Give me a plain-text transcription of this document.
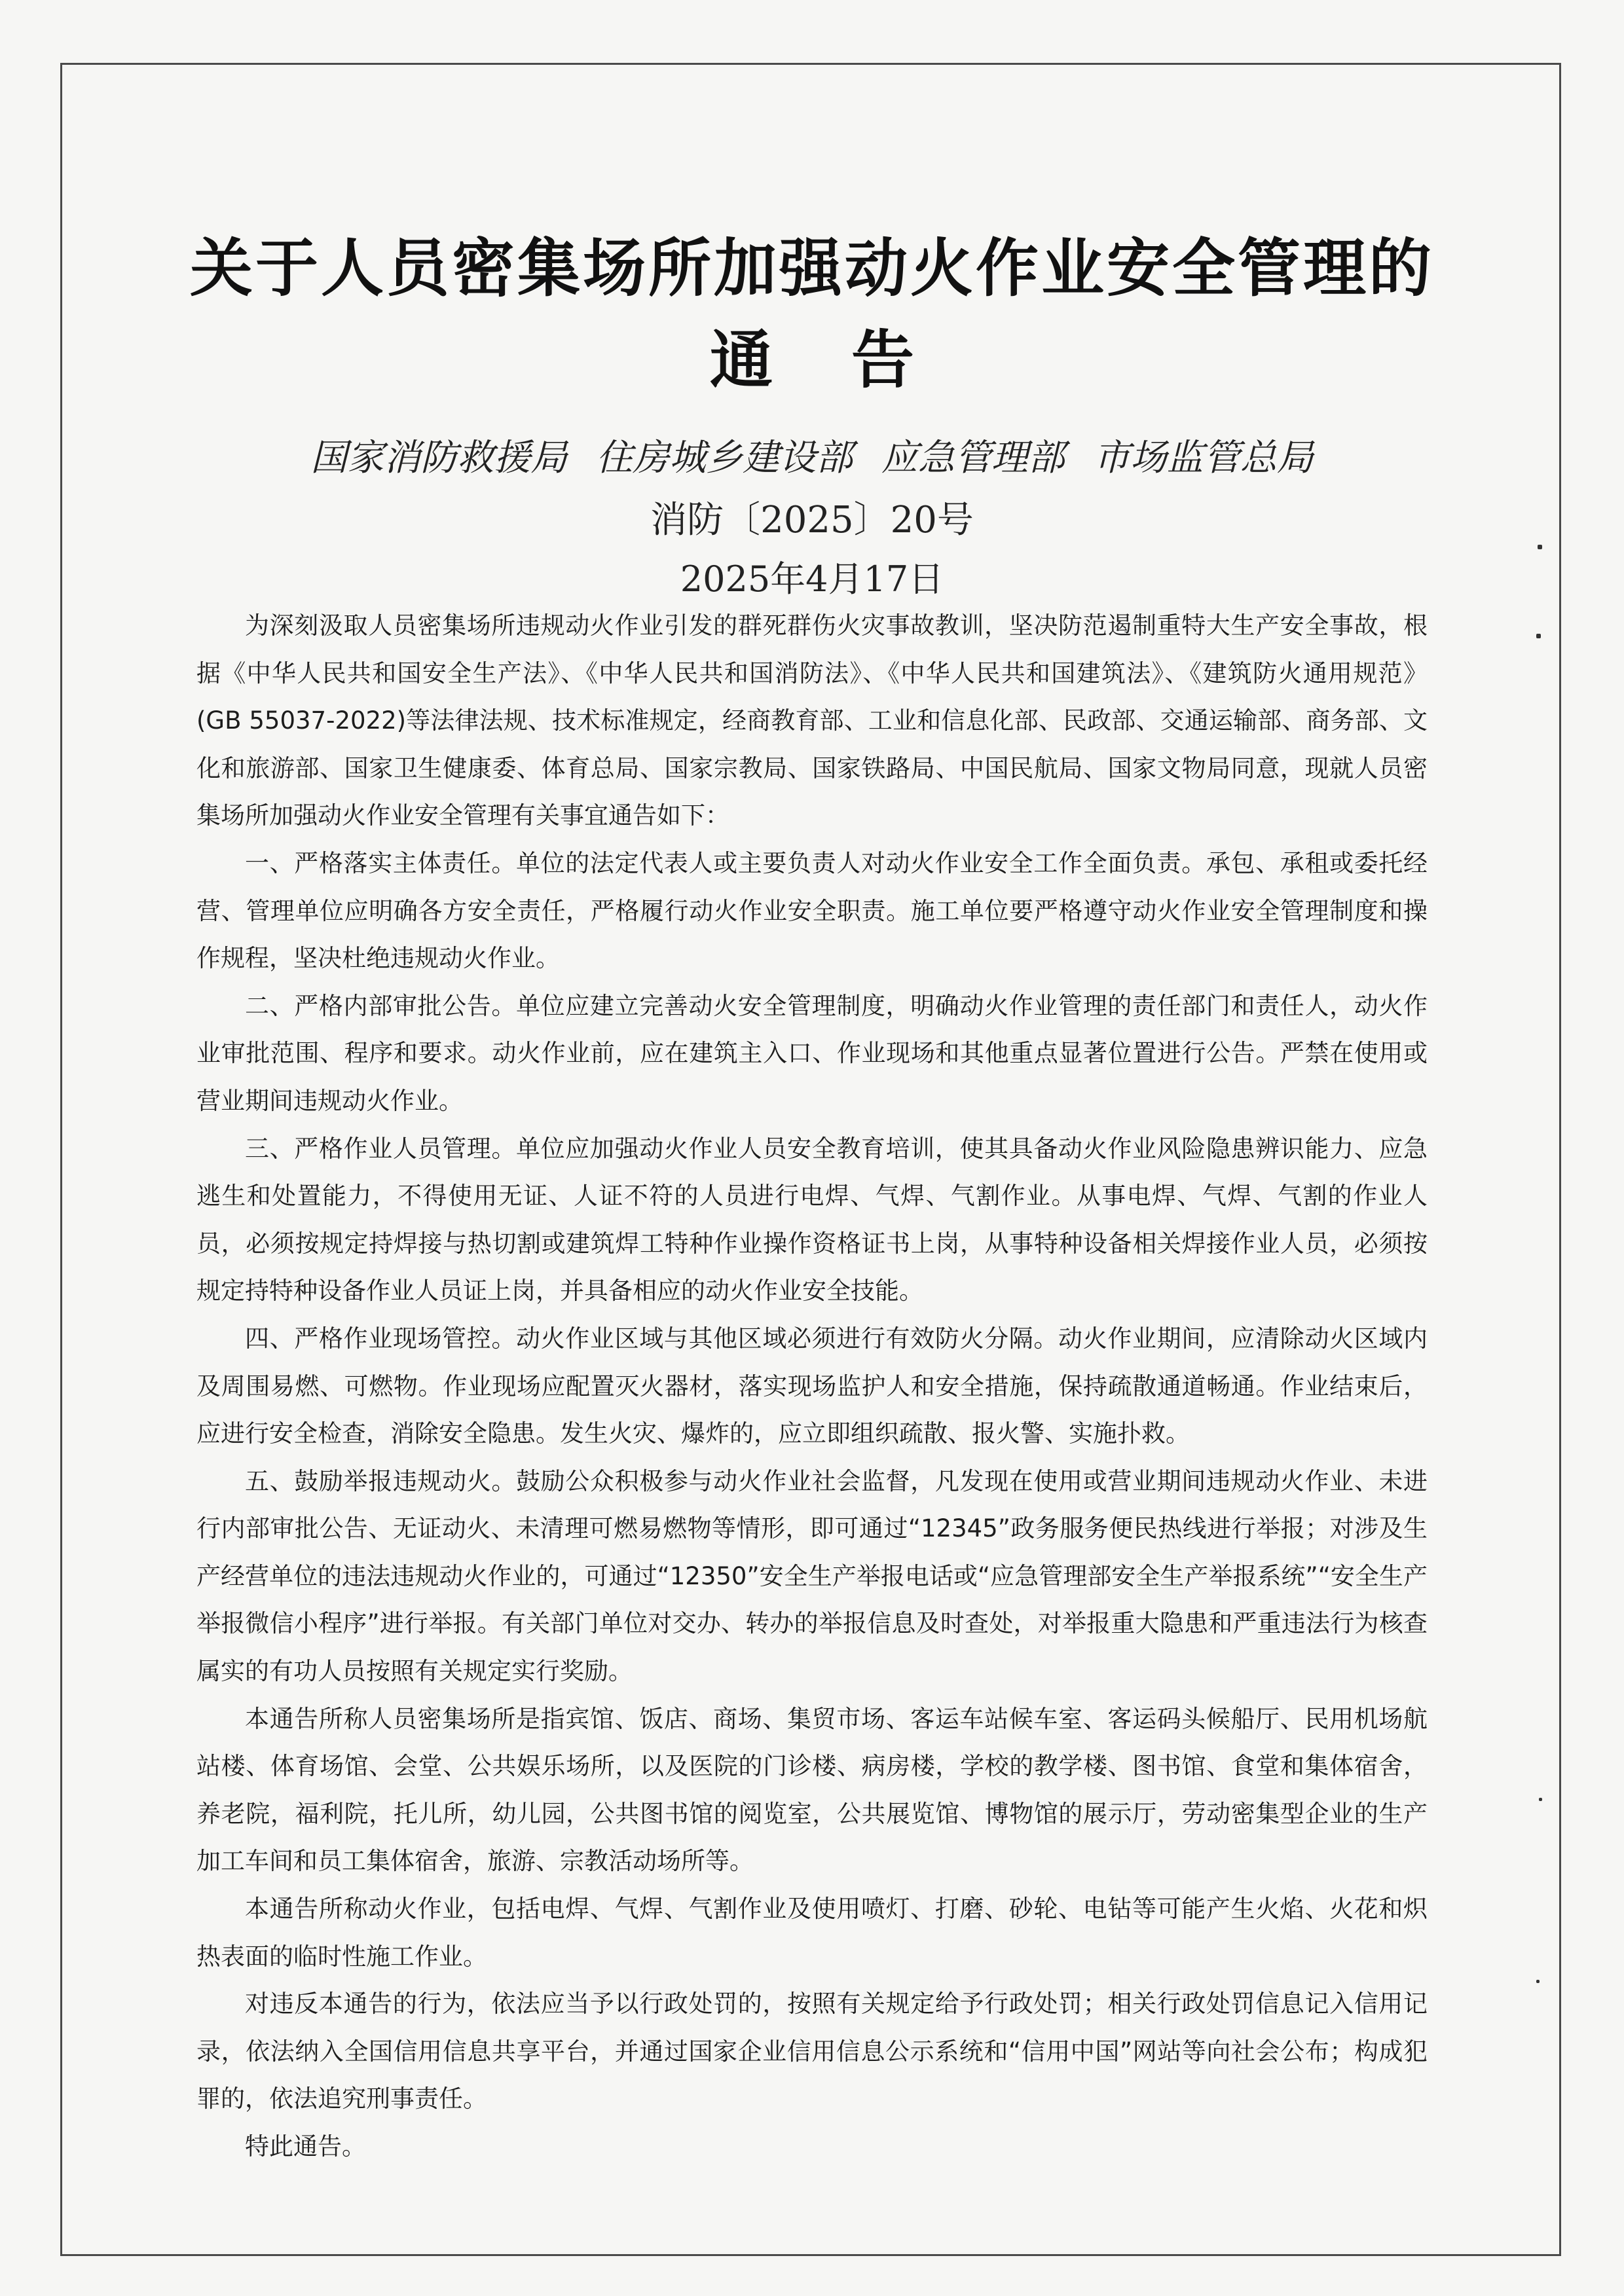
关于人员密集场所加强动火作业安全管理的
通告
国家消防救援局 住房城乡建设部 应急管理部 市场监管总局
消防〔2025〕20号
2025年4月17日

为深刻汲取人员密集场所违规动火作业引发的群死群伤火灾事故教训，坚决防范遏制重特大生产安全事故，根据《中华人民共和国安全生产法》、《中华人民共和国消防法》、《中华人民共和国建筑法》、《建筑防火通用规范》(GB 55037-2022)等法律法规、技术标准规定，经商教育部、工业和信息化部、民政部、交通运输部、商务部、文化和旅游部、国家卫生健康委、体育总局、国家宗教局、国家铁路局、中国民航局、国家文物局同意，现就人员密集场所加强动火作业安全管理有关事宜通告如下：

一、严格落实主体责任。单位的法定代表人或主要负责人对动火作业安全工作全面负责。承包、承租或委托经营、管理单位应明确各方安全责任，严格履行动火作业安全职责。施工单位要严格遵守动火作业安全管理制度和操作规程，坚决杜绝违规动火作业。

二、严格内部审批公告。单位应建立完善动火安全管理制度，明确动火作业管理的责任部门和责任人，动火作业审批范围、程序和要求。动火作业前，应在建筑主入口、作业现场和其他重点显著位置进行公告。严禁在使用或营业期间违规动火作业。

三、严格作业人员管理。单位应加强动火作业人员安全教育培训，使其具备动火作业风险隐患辨识能力、应急逃生和处置能力，不得使用无证、人证不符的人员进行电焊、气焊、气割作业。从事电焊、气焊、气割的作业人员，必须按规定持焊接与热切割或建筑焊工特种作业操作资格证书上岗，从事特种设备相关焊接作业人员，必须按规定持特种设备作业人员证上岗，并具备相应的动火作业安全技能。

四、严格作业现场管控。动火作业区域与其他区域必须进行有效防火分隔。动火作业期间，应清除动火区域内及周围易燃、可燃物。作业现场应配置灭火器材，落实现场监护人和安全措施，保持疏散通道畅通。作业结束后，应进行安全检查，消除安全隐患。发生火灾、爆炸的，应立即组织疏散、报火警、实施扑救。

五、鼓励举报违规动火。鼓励公众积极参与动火作业社会监督，凡发现在使用或营业期间违规动火作业、未进行内部审批公告、无证动火、未清理可燃易燃物等情形，即可通过“12345”政务服务便民热线进行举报；对涉及生产经营单位的违法违规动火作业的，可通过“12350”安全生产举报电话或“应急管理部安全生产举报系统”“安全生产举报微信小程序”进行举报。有关部门单位对交办、转办的举报信息及时查处，对举报重大隐患和严重违法行为核查属实的有功人员按照有关规定实行奖励。

本通告所称人员密集场所是指宾馆、饭店、商场、集贸市场、客运车站候车室、客运码头候船厅、民用机场航站楼、体育场馆、会堂、公共娱乐场所，以及医院的门诊楼、病房楼，学校的教学楼、图书馆、食堂和集体宿舍，养老院，福利院，托儿所，幼儿园，公共图书馆的阅览室，公共展览馆、博物馆的展示厅，劳动密集型企业的生产加工车间和员工集体宿舍，旅游、宗教活动场所等。

本通告所称动火作业，包括电焊、气焊、气割作业及使用喷灯、打磨、砂轮、电钻等可能产生火焰、火花和炽热表面的临时性施工作业。

对违反本通告的行为，依法应当予以行政处罚的，按照有关规定给予行政处罚；相关行政处罚信息记入信用记录，依法纳入全国信用信息共享平台，并通过国家企业信用信息公示系统和“信用中国”网站等向社会公布；构成犯罪的，依法追究刑事责任。

特此通告。
